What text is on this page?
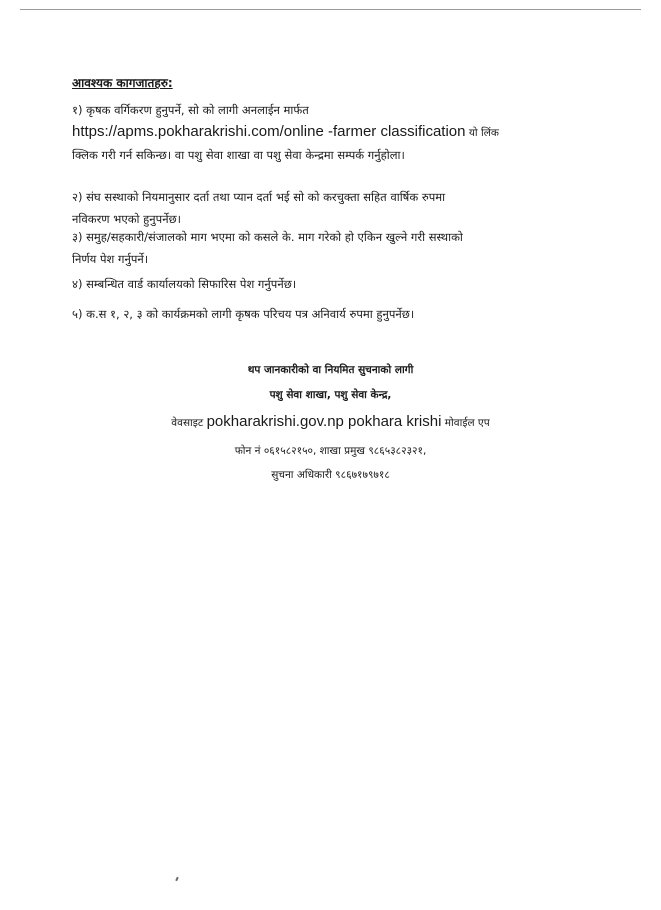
आवश्यक कागजातहरु:
१) कृषक वर्गिकरण हुनुपर्ने, सो को लागी अनलाईन मार्फत
https://apms.pokharakrishi.com/online -farmer classification यो लिंक
क्लिक गरी गर्न सकिन्छ। वा पशु सेवा शाखा वा पशु सेवा केन्द्रमा सम्पर्क गर्नुहोला।
२) संघ सस्थाको नियमानुसार दर्ता तथा प्यान दर्ता भई सो को करचुक्ता सहित वार्षिक रुपमा
नविकरण भएको हुनुपर्नेछ।
३) समुह/सहकारी/संजालको माग भएमा को कसले के. माग गरेको हो एकिन खुल्ने गरी सस्थाको
निर्णय पेश गर्नुपर्ने।
४) सम्बन्धित वार्ड कार्यालयको सिफारिस पेश गर्नुपर्नेछ।
५) क.स १, २, ३ को कार्यक्रमको लागी कृषक परिचय पत्र अनिवार्य रुपमा हुनुपर्नेछ।
थप जानकारीको वा नियमित सुचनाको लागी
पशु सेवा शाखा, पशु सेवा केन्द्र,
वेवसाइट pokharakrishi.gov.np pokhara krishi मोवाईल एप
फोन नं ०६१५८२१५०, शाखा प्रमुख ९८६५३८२३२१,
सुचना अधिकारी ९८६७१७९७१८
